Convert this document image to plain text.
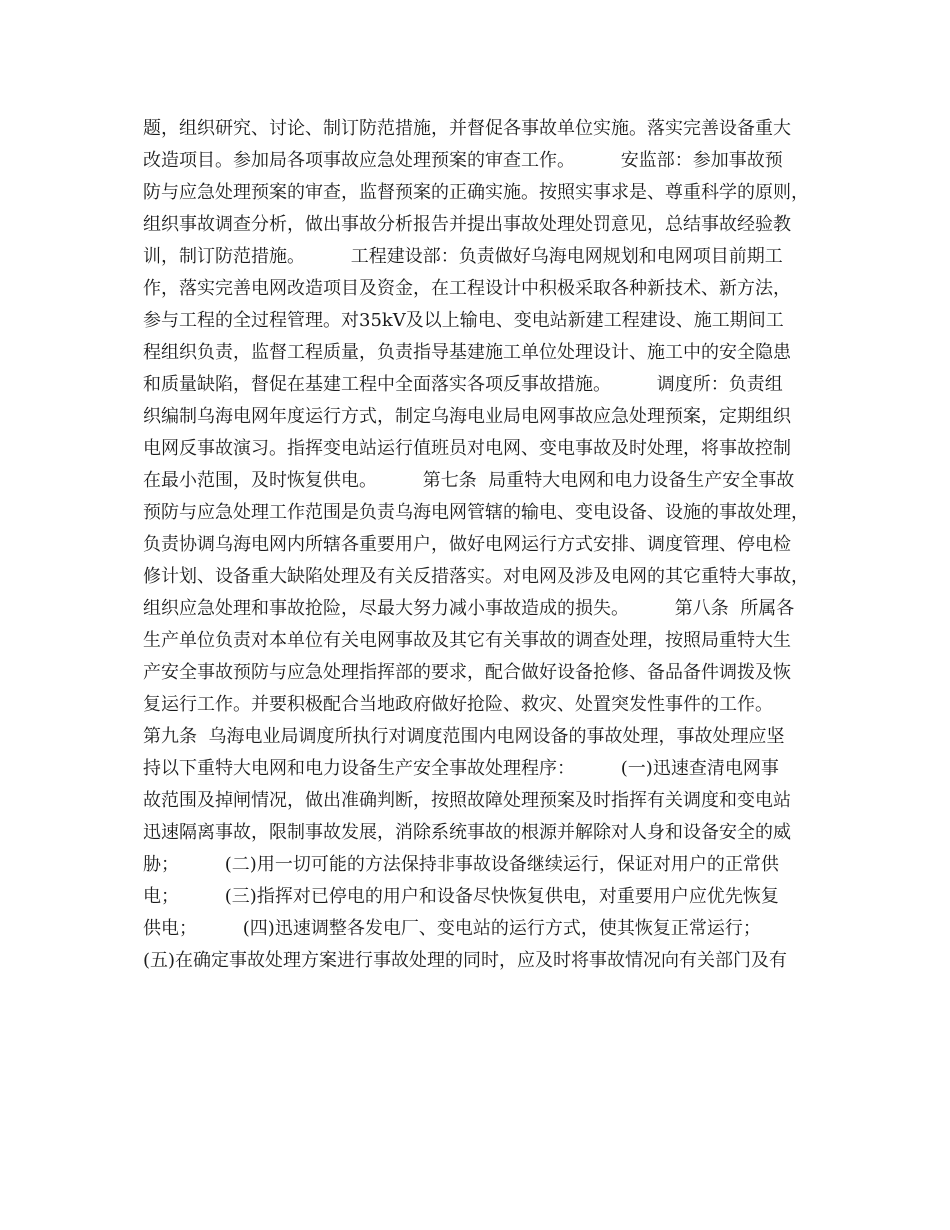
题，组织研究、讨论、制订防范措施，并督促各事故单位实施。落实完善设备重大
改造项目。参加局各项事故应急处理预案的审查工作。        安监部：参加事故预
防与应急处理预案的审查，监督预案的正确实施。按照实事求是、尊重科学的原则，
组织事故调查分析，做出事故分析报告并提出事故处理处罚意见，总结事故经验教
训，制订防范措施。        工程建设部：负责做好乌海电网规划和电网项目前期工
作，落实完善电网改造项目及资金，在工程设计中积极采取各种新技术、新方法，
参与工程的全过程管理。对35kV及以上输电、变电站新建工程建设、施工期间工
程组织负责，监督工程质量，负责指导基建施工单位处理设计、施工中的安全隐患
和质量缺陷，督促在基建工程中全面落实各项反事故措施。        调度所：负责组
织编制乌海电网年度运行方式，制定乌海电业局电网事故应急处理预案，定期组织
电网反事故演习。指挥变电站运行值班员对电网、变电事故及时处理，将事故控制
在最小范围，及时恢复供电。        第七条  局重特大电网和电力设备生产安全事故
预防与应急处理工作范围是负责乌海电网管辖的输电、变电设备、设施的事故处理，
负责协调乌海电网内所辖各重要用户，做好电网运行方式安排、调度管理、停电检
修计划、设备重大缺陷处理及有关反措落实。对电网及涉及电网的其它重特大事故，
组织应急处理和事故抢险，尽最大努力减小事故造成的损失。        第八条  所属各
生产单位负责对本单位有关电网事故及其它有关事故的调查处理，按照局重特大生
产安全事故预防与应急处理指挥部的要求，配合做好设备抢修、备品备件调拨及恢
复运行工作。并要积极配合当地政府做好抢险、救灾、处置突发性事件的工作。
第九条  乌海电业局调度所执行对调度范围内电网设备的事故处理，事故处理应坚
持以下重特大电网和电力设备生产安全事故处理程序：        (一)迅速查清电网事
故范围及掉闸情况，做出准确判断，按照故障处理预案及时指挥有关调度和变电站
迅速隔离事故，限制事故发展，消除系统事故的根源并解除对人身和设备安全的威
胁；        (二)用一切可能的方法保持非事故设备继续运行，保证对用户的正常供
电；        (三)指挥对已停电的用户和设备尽快恢复供电，对重要用户应优先恢复
供电；        (四)迅速调整各发电厂、变电站的运行方式，使其恢复正常运行；
(五)在确定事故处理方案进行事故处理的同时，应及时将事故情况向有关部门及有
